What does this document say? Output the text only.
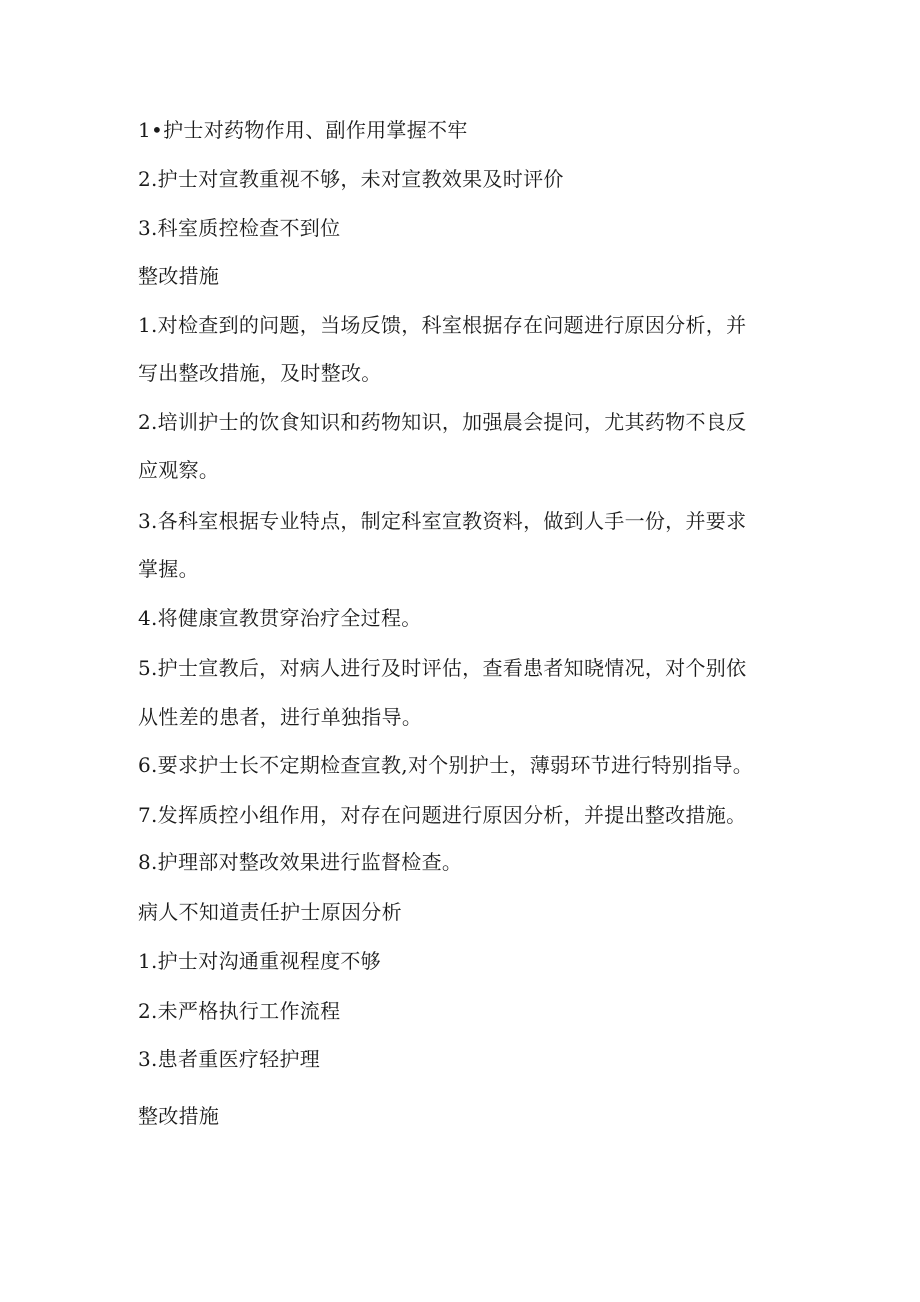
1•护士对药物作用、副作用掌握不牢
2.护士对宣教重视不够，未对宣教效果及时评价
3.科室质控检查不到位
整改措施
1.对检查到的问题，当场反馈，科室根据存在问题进行原因分析，并
写出整改措施，及时整改。
2.培训护士的饮食知识和药物知识，加强晨会提问，尤其药物不良反
应观察。
3.各科室根据专业特点，制定科室宣教资料，做到人手一份，并要求
掌握。
4.将健康宣教贯穿治疗全过程。
5.护士宣教后，对病人进行及时评估，查看患者知晓情况，对个别依
从性差的患者，进行单独指导。
6.要求护士长不定期检查宣教,对个别护士，薄弱环节进行特别指导。
7.发挥质控小组作用，对存在问题进行原因分析，并提出整改措施。
8.护理部对整改效果进行监督检查。
病人不知道责任护士原因分析
1.护士对沟通重视程度不够
2.未严格执行工作流程
3.患者重医疗轻护理
整改措施
